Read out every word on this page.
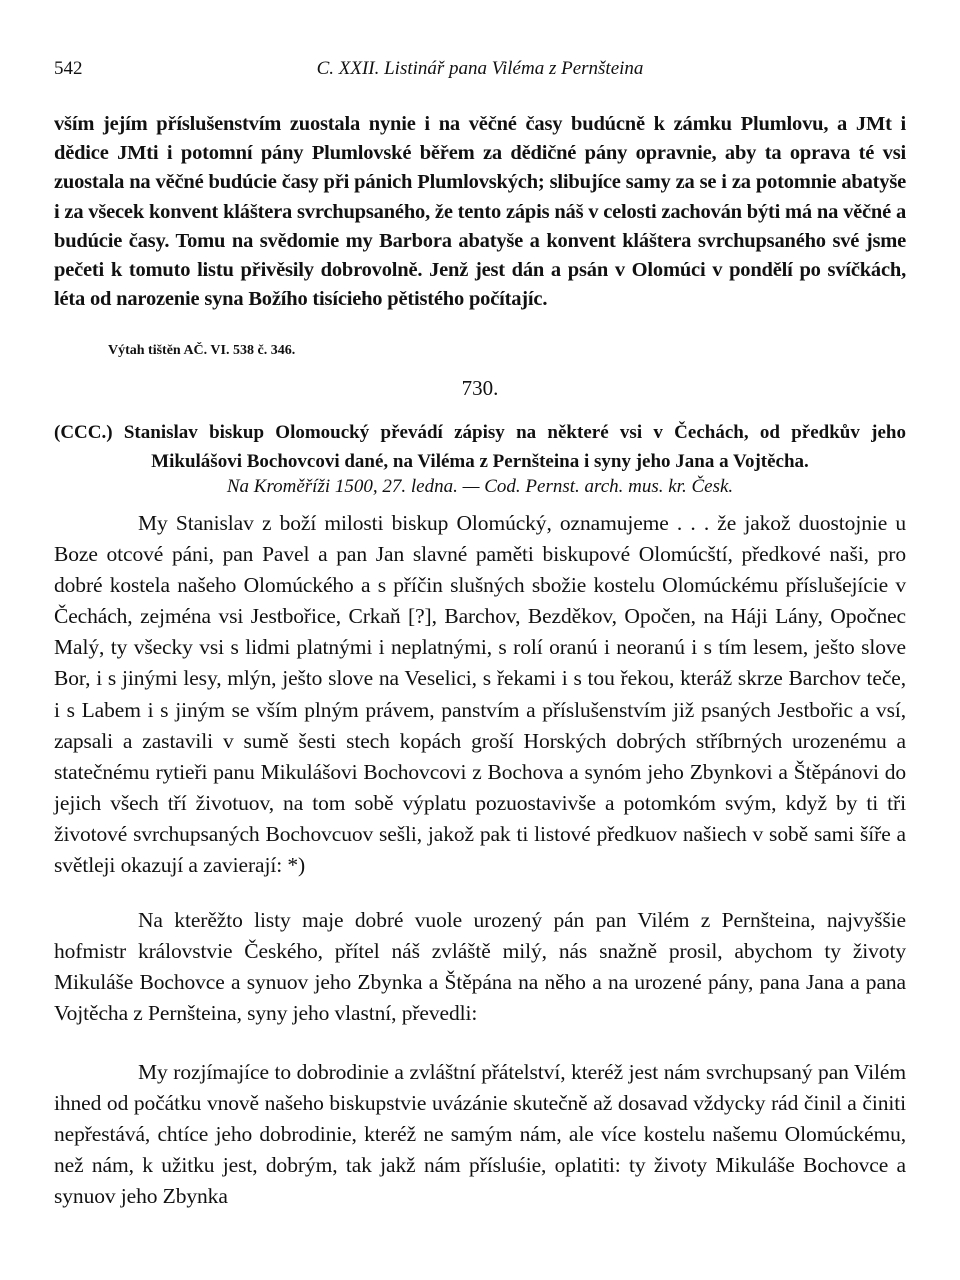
542	C. XXII. Listinář pana Viléma z Pernšteina

vším jejím příslušenstvím zuostala nynie i na věčné časy budúcně k zámku Plumlovu, a JMt i dědice JMti i potomní pány Plumlovské běřem za dědičné pány opravnie, aby ta oprava té vsi zuostala na věčné budúcie časy při pánich Plumlovských; slibujíce samy za se i za potomnie abatyše i za všecek konvent kláštera svrchupsaného, že tento zápis náš v celosti zachován býti má na věčné a budúcie časy. Tomu na svědomie my Barbora abatyše a konvent kláštera svrchupsaného své jsme pečeti k tomuto listu přivěsily dobrovolně. Jenž jest dán a psán v Olomúci v pondělí po svíčkách, léta od narozenie syna Božího tisícieho pětistého počítajíc.

Výtah tištěn AČ. VI. 538 č. 346.
730.
(CCC.) Stanislav biskup Olomoucký převádí zápisy na některé vsi v Čechách, od předkův jeho Mikulášovi Bochovcovi dané, na Viléma z Pernšteina i syny jeho Jana a Vojtěcha.
Na Kroměříži 1500, 27. ledna. — Cod. Pernst. arch. mus. kr. Česk.

My Stanislav z boží milosti biskup Olomúcký, oznamujeme . . . že jakož duostojnie u Boze otcové páni, pan Pavel a pan Jan slavné paměti biskupové Olomúcští, předkové naši, pro dobré kostela našeho Olomúckého a s příčin slušných sbožie kostelu Olomúckému příslušejície v Čechách, zejména vsi Jestbořice, Crkaň [?], Barchov, Bezděkov, Opočen, na Háji Lány, Opočnec Malý, ty všecky vsi s lidmi platnými i neplatnými, s rolí oranú i neoranú i s tím lesem, ješto slove Bor, i s jinými lesy, mlýn, ješto slove na Veselici, s řekami i s tou řekou, kteráž skrze Barchov teče, i s Labem i s jiným se vším plným právem, panstvím a příslušenstvím již psaných Jestbořic a vsí, zapsali a zastavili v sumě šesti stech kopách groší Horských dobrých stříbrných urozenému a statečnému rytieři panu Mikulášovi Bochovcovi z Bochova a synóm jeho Zbynkovi a Štěpánovi do jejich všech tří životuov, na tom sobě výplatu pozuostavivše a potomkóm svým, když by ti tři životové svrchupsaných Bochovcuov sešli, jakož pak ti listové předkuov našiech v sobě sami šíře a světleji okazují a zavierají: *)

Na kterěžto listy maje dobré vuole urozený pán pan Vilém z Pernšteina, najvyššie hofmistr královstvie Českého, přítel náš zvláště milý, nás snažně prosil, abychom ty životy Mikuláše Bochovce a synuov jeho Zbynka a Štěpána na něho a na urozené pány, pana Jana a pana Vojtěcha z Pernšteina, syny jeho vlastní, převedli:

My rozjímajíce to dobrodinie a zvláštní přátelství, kteréž jest nám svrchupsaný pan Vilém ihned od počátku vnově našeho biskupstvie uvázánie skutečně až dosavad vždycky rád činil a činiti nepřestává, chtíce jeho dobrodinie, kteréž ne samým nám, ale více kostelu našemu Olomúckému, než nám, k užitku jest, dobrým, tak jakž nám přísluśie, oplatiti: ty životy Mikuláše Bochovce a synuov jeho Zbynka
